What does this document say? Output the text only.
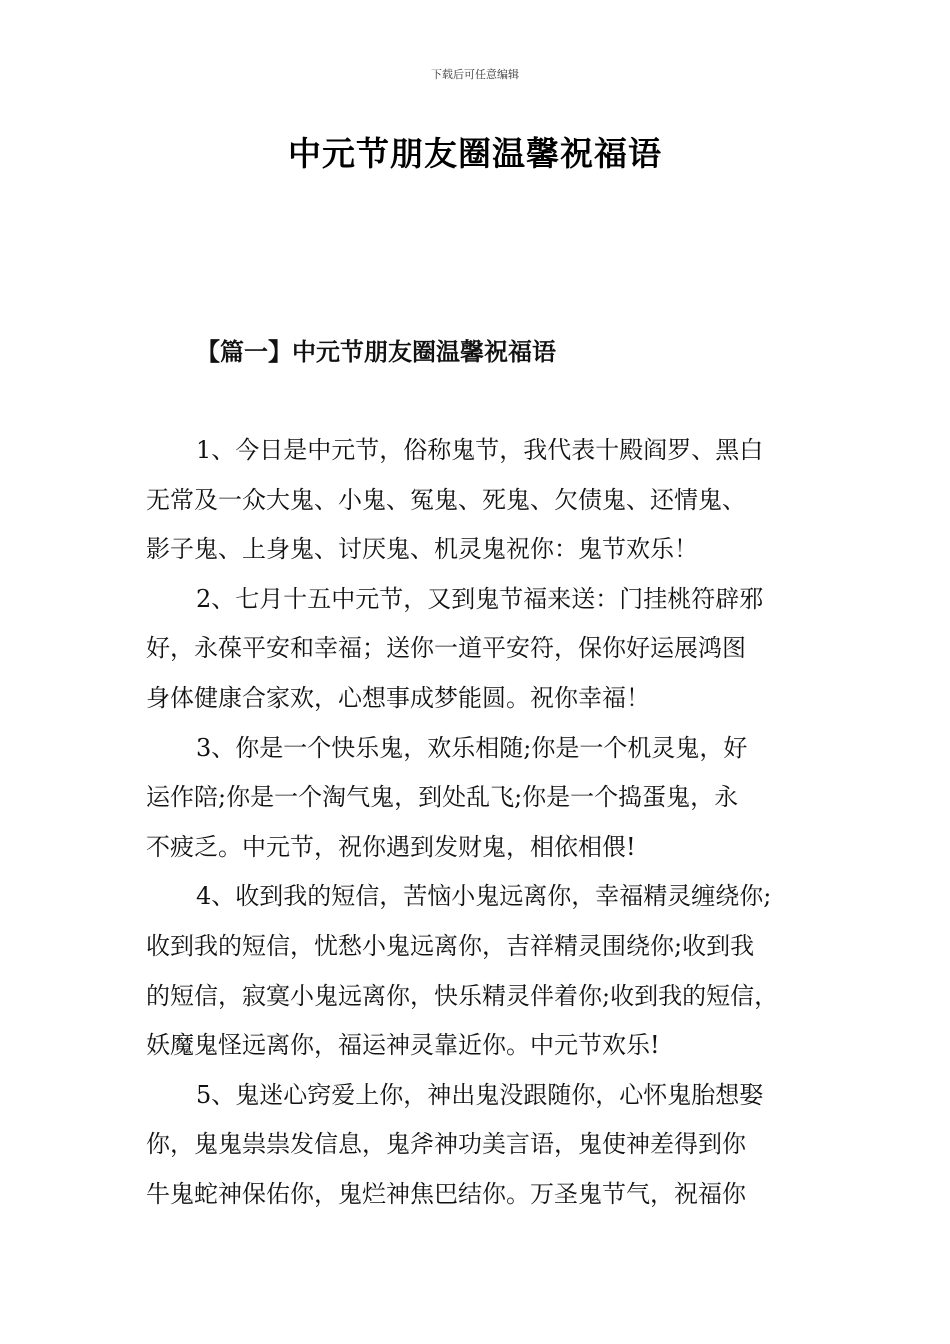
下载后可任意编辑
中元节朋友圈温馨祝福语
【篇一】中元节朋友圈温馨祝福语

1、今日是中元节，俗称鬼节，我代表十殿阎罗、黑白
无常及一众大鬼、小鬼、冤鬼、死鬼、欠债鬼、还情鬼、
影子鬼、上身鬼、讨厌鬼、机灵鬼祝你：鬼节欢乐！

2、七月十五中元节，又到鬼节福来送：门挂桃符辟邪
好，永葆平安和幸福；送你一道平安符，保你好运展鸿图
身体健康合家欢，心想事成梦能圆。祝你幸福！

3、你是一个快乐鬼，欢乐相随;你是一个机灵鬼，好
运作陪;你是一个淘气鬼，到处乱飞;你是一个捣蛋鬼，永
不疲乏。中元节，祝你遇到发财鬼，相依相偎!

4、收到我的短信，苦恼小鬼远离你，幸福精灵缠绕你;
收到我的短信，忧愁小鬼远离你，吉祥精灵围绕你;收到我
的短信，寂寞小鬼远离你，快乐精灵伴着你;收到我的短信，
妖魔鬼怪远离你，福运神灵靠近你。中元节欢乐!

5、鬼迷心窍爱上你，神出鬼没跟随你，心怀鬼胎想娶
你，鬼鬼祟祟发信息，鬼斧神功美言语，鬼使神差得到你
牛鬼蛇神保佑你，鬼烂神焦巴结你。万圣鬼节气，祝福你
